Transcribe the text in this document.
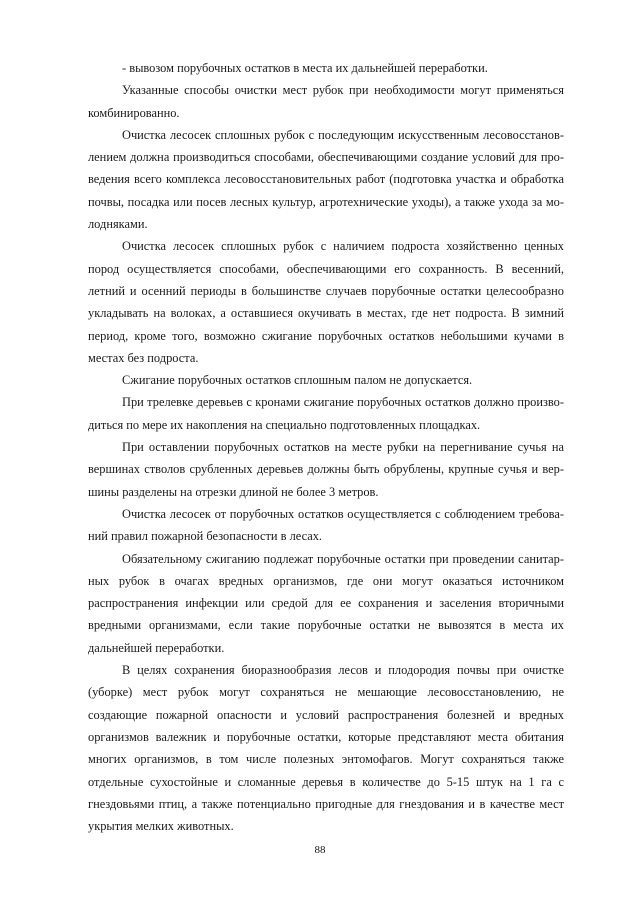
- вывозом порубочных остатков в места их дальнейшей переработки.

Указанные способы очистки мест рубок при необходимости могут применяться комбинированно.

Очистка лесосек сплошных рубок с последующим искусственным лесовосстановлением должна производиться способами, обеспечивающими создание условий для проведения всего комплекса лесовосстановительных работ (подготовка участка и обработка почвы, посадка или посев лесных культур, агротехнические уходы), а также ухода за молодняками.

Очистка лесосек сплошных рубок с наличием подроста хозяйственно ценных пород осуществляется способами, обеспечивающими его сохранность. В весенний, летний и осенний периоды в большинстве случаев порубочные остатки целесообразно укладывать на волоках, а оставшиеся окучивать в местах, где нет подроста. В зимний период, кроме того, возможно сжигание порубочных остатков небольшими кучами в местах без подроста.

Сжигание порубочных остатков сплошным палом не допускается.

При трелевке деревьев с кронами сжигание порубочных остатков должно производиться по мере их накопления на специально подготовленных площадках.

При оставлении порубочных остатков на месте рубки на перегнивание сучья на вершинах стволов срубленных деревьев должны быть обрублены, крупные сучья и вершины разделены на отрезки длиной не более 3 метров.

Очистка лесосек от порубочных остатков осуществляется с соблюдением требований правил пожарной безопасности в лесах.

Обязательному сжиганию подлежат порубочные остатки при проведении санитарных рубок в очагах вредных организмов, где они могут оказаться источником распространения инфекции или средой для ее сохранения и заселения вторичными вредными организмами, если такие порубочные остатки не вывозятся в места их дальнейшей переработки.

В целях сохранения биоразнообразия лесов и плодородия почвы при очистке (уборке) мест рубок могут сохраняться не мешающие лесовосстановлению, не создающие пожарной опасности и условий распространения болезней и вредных организмов валежник и порубочные остатки, которые представляют места обитания многих организмов, в том числе полезных энтомофагов. Могут сохраняться также отдельные сухостойные и сломанные деревья в количестве до 5-15 штук на 1 га с гнездовьями птиц, а также потенциально пригодные для гнездования и в качестве мест укрытия мелких животных.

88
